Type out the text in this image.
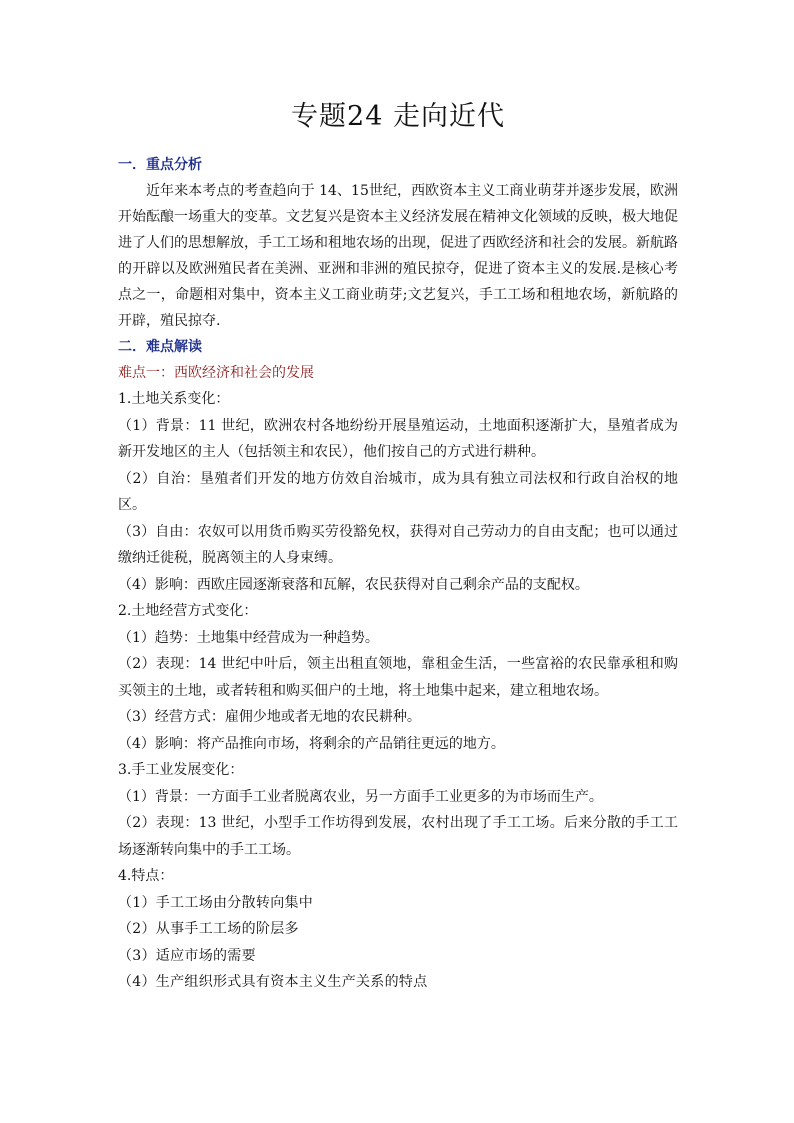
专题24 走向近代

一．重点分析

近年来本考点的考查趋向于 14、15世纪，西欧资本主义工商业萌芽并逐步发展，欧洲开始酝酿一场重大的变革。文艺复兴是资本主义经济发展在精神文化领域的反映，极大地促进了人们的思想解放，手工工场和租地农场的出现，促进了西欧经济和社会的发展。新航路的开辟以及欧洲殖民者在美洲、亚洲和非洲的殖民掠夺，促进了资本主义的发展.是核心考点之一，命题相对集中，资本主义工商业萌芽;文艺复兴，手工工场和租地农场，新航路的开辟，殖民掠夺.

二．难点解读

难点一：西欧经济和社会的发展

1.土地关系变化：

（1）背景：11 世纪，欧洲农村各地纷纷开展垦殖运动，土地面积逐渐扩大，垦殖者成为新开发地区的主人（包括领主和农民），他们按自己的方式进行耕种。

（2）自治：垦殖者们开发的地方仿效自治城市，成为具有独立司法权和行政自治权的地区。

（3）自由：农奴可以用货币购买劳役豁免权，获得对自己劳动力的自由支配；也可以通过缴纳迁徙税，脱离领主的人身束缚。

（4）影响：西欧庄园逐渐衰落和瓦解，农民获得对自己剩余产品的支配权。

2.土地经营方式变化：

（1）趋势：土地集中经营成为一种趋势。

（2）表现：14 世纪中叶后，领主出租直领地，靠租金生活，一些富裕的农民靠承租和购买领主的土地，或者转租和购买佃户的土地，将土地集中起来，建立租地农场。

（3）经营方式：雇佣少地或者无地的农民耕种。

（4）影响：将产品推向市场，将剩余的产品销往更远的地方。

3.手工业发展变化：

（1）背景：一方面手工业者脱离农业，另一方面手工业更多的为市场而生产。

（2）表现：13 世纪，小型手工作坊得到发展，农村出现了手工工场。后来分散的手工工场逐渐转向集中的手工工场。

4.特点：

（1）手工工场由分散转向集中

（2）从事手工工场的阶层多

（3）适应市场的需要

（4）生产组织形式具有资本主义生产关系的特点
